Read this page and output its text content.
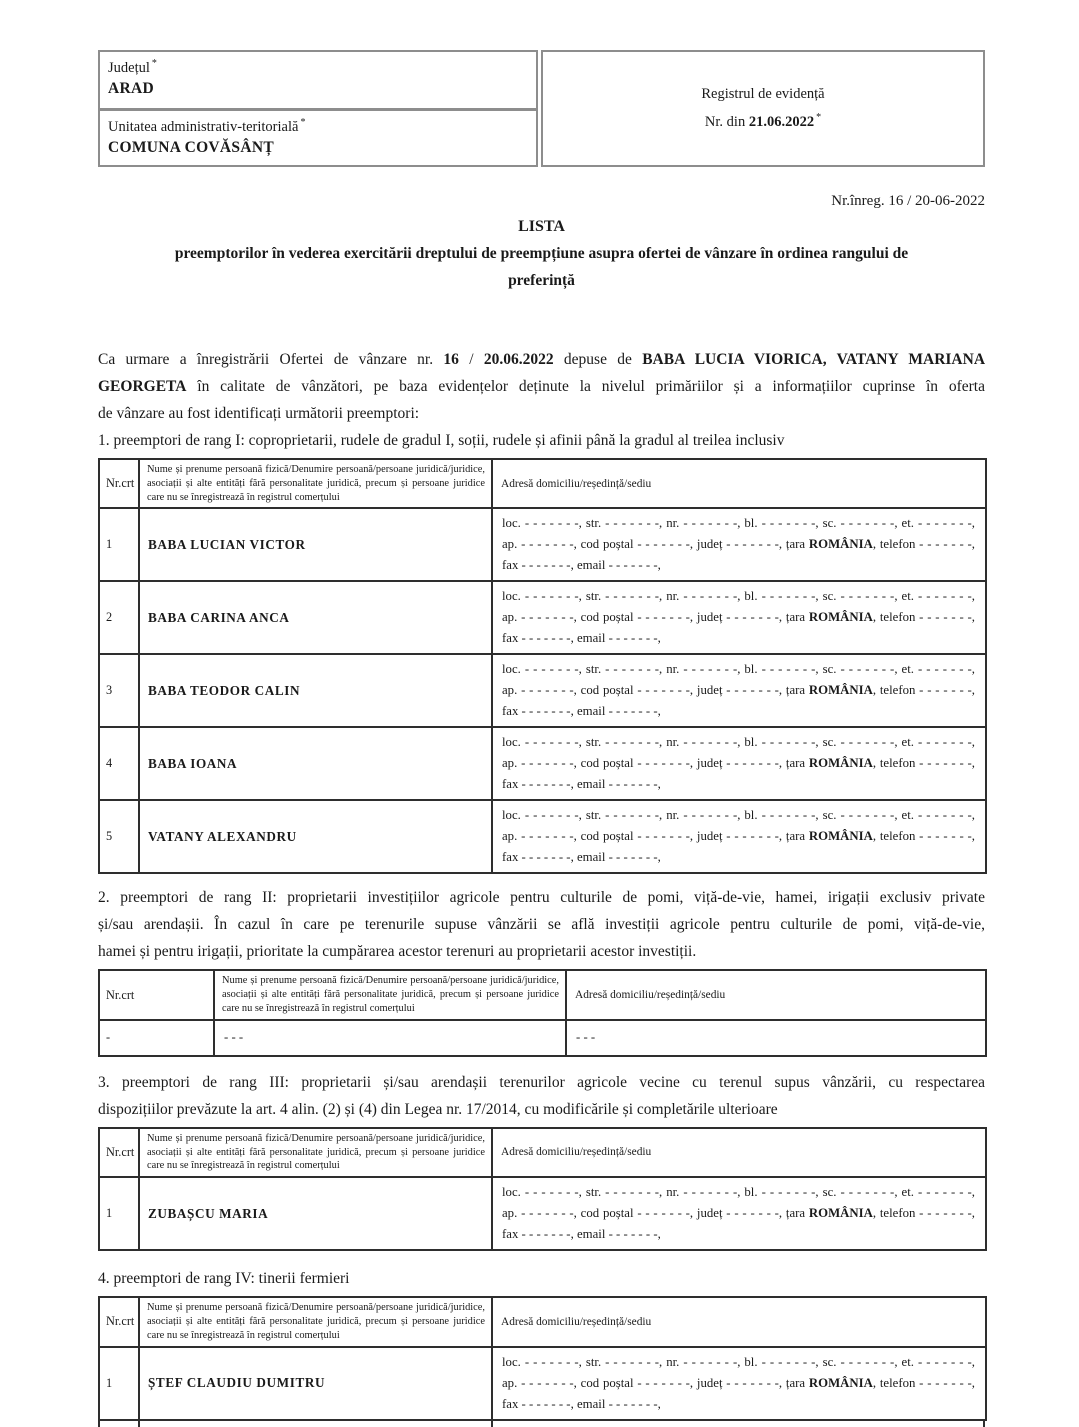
Județul *
ARAD
Unitatea administrativ-teritorială *
COMUNA COVĂSÂNȚ
Registrul de evidență
Nr. din 21.06.2022 *
Nr.înreg. 16 / 20-06-2022
LISTA
preemptorilor în vederea exercitării dreptului de preempțiune asupra ofertei de vânzare în ordinea rangului de
preferință
Ca urmare a înregistrării Ofertei de vânzare nr. 16 / 20.06.2022 depuse de BABA LUCIA VIORICA, VATANY MARIANA
GEORGETA în calitate de vânzători, pe baza evidențelor deținute la nivelul primăriilor și a informațiilor cuprinse în oferta
de vânzare au fost identificați următorii preemptori:
1. preemptori de rang I: coproprietarii, rudele de gradul I, soții, rudele și afinii până la gradul al treilea inclusiv
Nr.crt	Nume și prenume persoană fizică/Denumire persoană/persoane juridică/juridice, asociații și alte entități fără personalitate juridică, precum și persoane juridice care nu se înregistrează în registrul comerțului	Adresă domiciliu/reședință/sediu
1	BABA LUCIAN VICTOR	loc. - - - - - - -, str. - - - - - - -, nr. - - - - - - -, bl. - - - - - - -, sc. - - - - - - -, et. - - - - - - -,
ap. - - - - - - -, cod poștal - - - - - - -, județ - - - - - - -, țara ROMÂNIA, telefon - - - - - - -,
fax - - - - - - -, email - - - - - - -,

2	BABA CARINA ANCA	loc. - - - - - - -, str. - - - - - - -, nr. - - - - - - -, bl. - - - - - - -, sc. - - - - - - -, et. - - - - - - -,
ap. - - - - - - -, cod poștal - - - - - - -, județ - - - - - - -, țara ROMÂNIA, telefon - - - - - - -,
fax - - - - - - -, email - - - - - - -,

3	BABA TEODOR CALIN	loc. - - - - - - -, str. - - - - - - -, nr. - - - - - - -, bl. - - - - - - -, sc. - - - - - - -, et. - - - - - - -,
ap. - - - - - - -, cod poștal - - - - - - -, județ - - - - - - -, țara ROMÂNIA, telefon - - - - - - -,
fax - - - - - - -, email - - - - - - -,

4	BABA IOANA	loc. - - - - - - -, str. - - - - - - -, nr. - - - - - - -, bl. - - - - - - -, sc. - - - - - - -, et. - - - - - - -,
ap. - - - - - - -, cod poștal - - - - - - -, județ - - - - - - -, țara ROMÂNIA, telefon - - - - - - -,
fax - - - - - - -, email - - - - - - -,

5	VATANY ALEXANDRU	loc. - - - - - - -, str. - - - - - - -, nr. - - - - - - -, bl. - - - - - - -, sc. - - - - - - -, et. - - - - - - -,
ap. - - - - - - -, cod poștal - - - - - - -, județ - - - - - - -, țara ROMÂNIA, telefon - - - - - - -,
fax - - - - - - -, email - - - - - - -,
2. preemptori de rang II: proprietarii investițiilor agricole pentru culturile de pomi, viță-de-vie, hamei, irigații exclusiv private
și/sau arendașii. În cazul în care pe terenurile supuse vânzării se află investiții agricole pentru culturile de pomi, viță-de-vie,
hamei și pentru irigații, prioritate la cumpărarea acestor terenuri au proprietarii acestor investiții.
Nr.crt	Nume și prenume persoană fizică/Denumire persoană/persoane juridică/juridice, asociații și alte entități fără personalitate juridică, precum și persoane juridice care nu se înregistrează în registrul comerțului	Adresă domiciliu/reședință/sediu
-	- - -	- - -
3. preemptori de rang III: proprietarii și/sau arendașii terenurilor agricole vecine cu terenul supus vânzării, cu respectarea
dispozițiilor prevăzute la art. 4 alin. (2) și (4) din Legea nr. 17/2014, cu modificările și completările ulterioare
Nr.crt	Nume și prenume persoană fizică/Denumire persoană/persoane juridică/juridice, asociații și alte entități fără personalitate juridică, precum și persoane juridice care nu se înregistrează în registrul comerțului	Adresă domiciliu/reședință/sediu
1	ZUBAȘCU MARIA	loc. - - - - - - -, str. - - - - - - -, nr. - - - - - - -, bl. - - - - - - -, sc. - - - - - - -, et. - - - - - - -,
ap. - - - - - - -, cod poștal - - - - - - -, județ - - - - - - -, țara ROMÂNIA, telefon - - - - - - -,
fax - - - - - - -, email - - - - - - -,
4. preemptori de rang IV: tinerii fermieri
Nr.crt	Nume și prenume persoană fizică/Denumire persoană/persoane juridică/juridice, asociații și alte entități fără personalitate juridică, precum și persoane juridice care nu se înregistrează în registrul comerțului	Adresă domiciliu/reședință/sediu
1	ȘTEF CLAUDIU DUMITRU	loc. - - - - - - -, str. - - - - - - -, nr. - - - - - - -, bl. - - - - - - -, sc. - - - - - - -, et. - - - - - - -,
ap. - - - - - - -, cod poștal - - - - - - -, județ - - - - - - -, țara ROMÂNIA, telefon - - - - - - -,
fax - - - - - - -, email - - - - - - -,
